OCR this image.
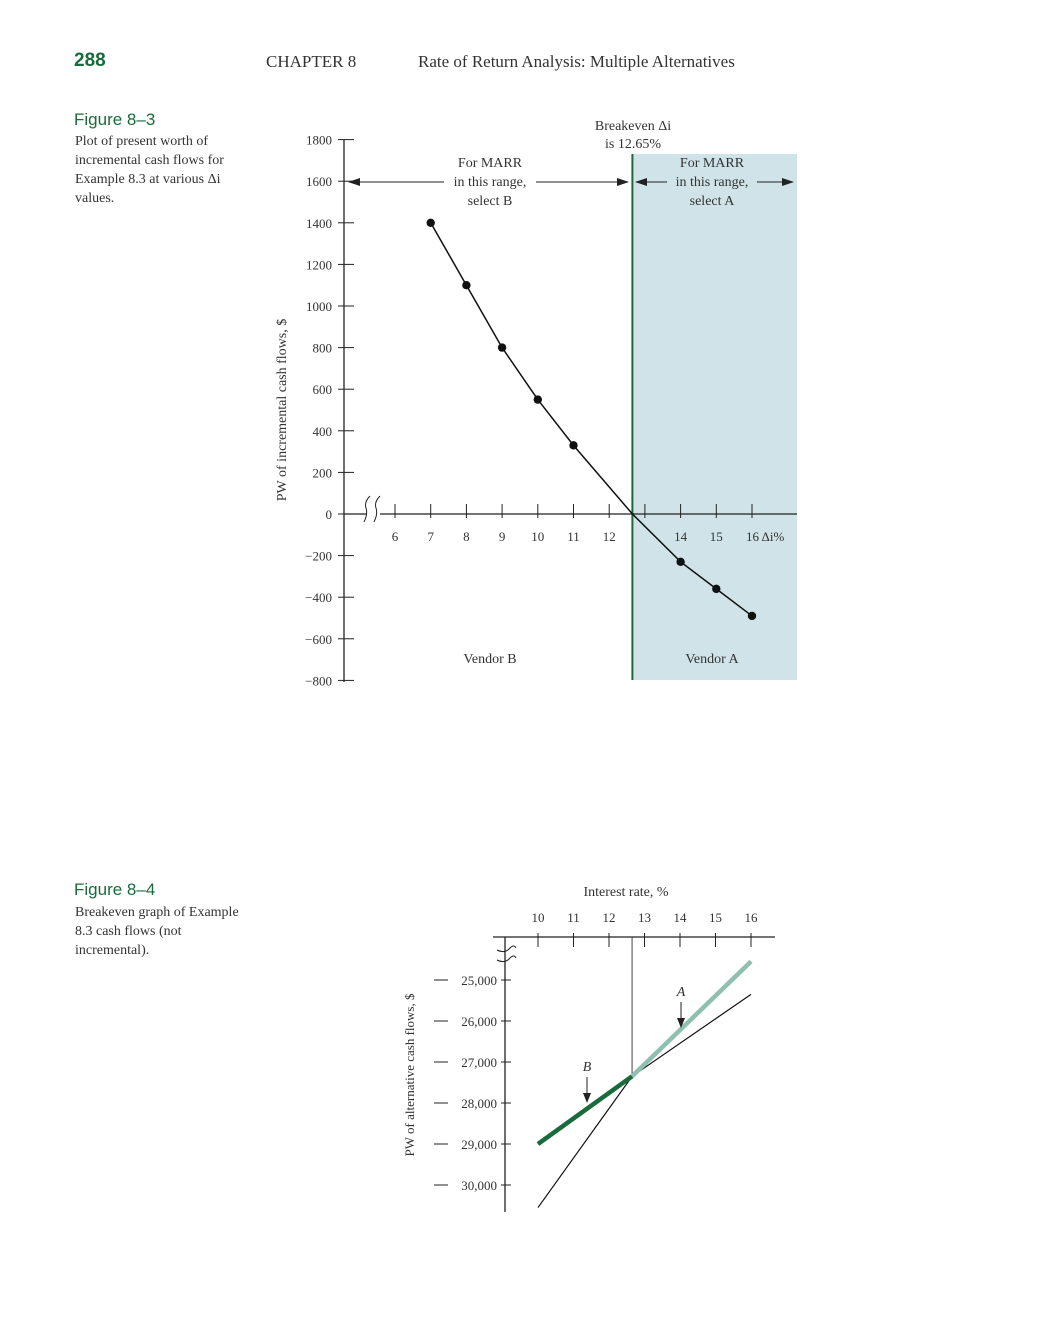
288	CHAPTER 8	Rate of Return Analysis: Multiple Alternatives
Figure 8–3
Plot of present worth of incremental cash flows for Example 8.3 at various Δi values.
Figure 8–4
Breakeven graph of Example 8.3 cash flows (not incremental).
1800
1600
1400
1200
1000
800
600
400
200
0
−200
−400
−600
−800
PW of incremental cash flows, $
6 7 8 9 10 11 12	14 15 16 Δi%
Breakeven Δi
is 12.65%
For MARR
in this range,
select B
For MARR
in this range,
select A
Vendor B	Vendor A
Interest rate, %
10 11 12 13 14 15 16
25,000
26,000
27,000
28,000
29,000
30,000
PW of alternative cash flows, $
A
B
